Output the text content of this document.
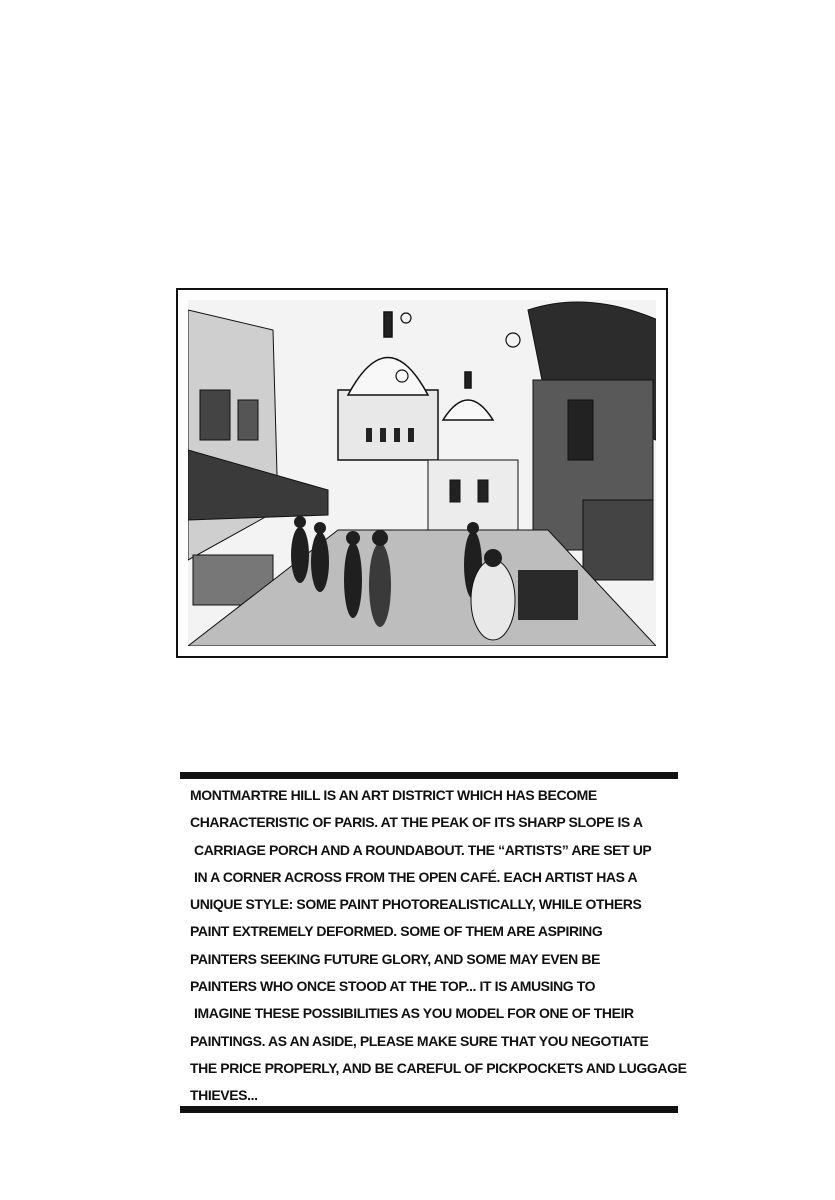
MONTMARTRE HILL IS AN ART DISTRICT WHICH HAS BECOME
CHARACTERISTIC OF PARIS. AT THE PEAK OF ITS SHARP SLOPE IS A
CARRIAGE PORCH AND A ROUNDABOUT. THE “ARTISTS” ARE SET UP
IN A CORNER ACROSS FROM THE OPEN CAFÉ. EACH ARTIST HAS A
UNIQUE STYLE: SOME PAINT PHOTOREALISTICALLY, WHILE OTHERS
PAINT EXTREMELY DEFORMED. SOME OF THEM ARE ASPIRING
PAINTERS SEEKING FUTURE GLORY, AND SOME MAY EVEN BE
PAINTERS WHO ONCE STOOD AT THE TOP... IT IS AMUSING TO
IMAGINE THESE POSSIBILITIES AS YOU MODEL FOR ONE OF THEIR
PAINTINGS. AS AN ASIDE, PLEASE MAKE SURE THAT YOU NEGOTIATE
THE PRICE PROPERLY, AND BE CAREFUL OF PICKPOCKETS AND LUGGAGE
THIEVES...
